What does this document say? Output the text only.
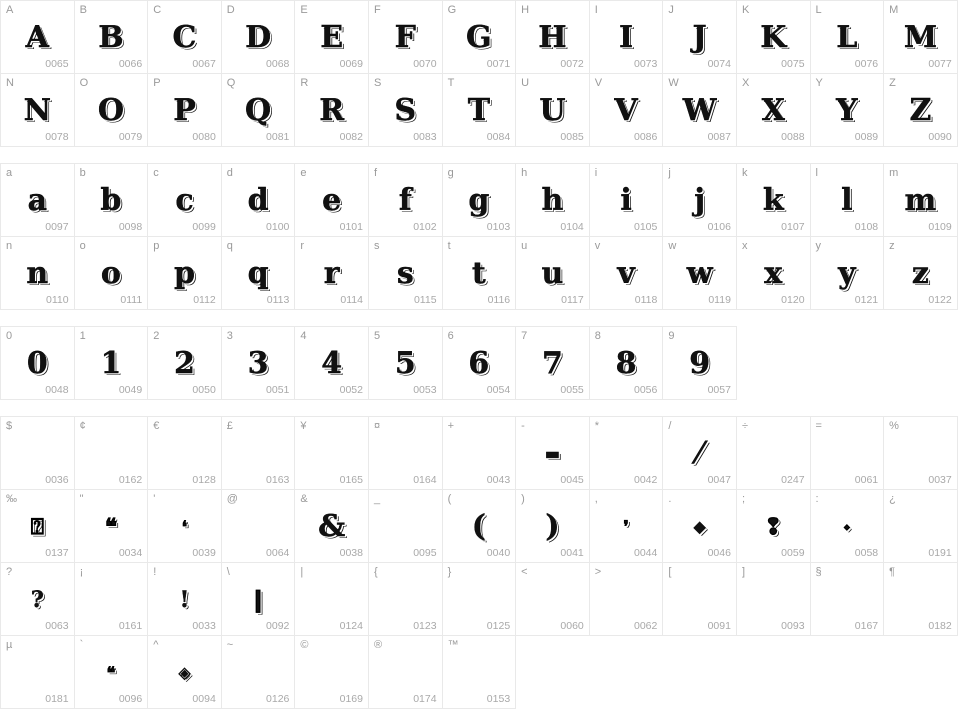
A
A
0065
B
B
0066
C
C
0067
D
D
0068
E
E
0069
F
F
0070
G
G
0071
H
H
0072
I
I
0073
J
J
0074
K
K
0075
L
L
0076
M
M
0077
N
N
0078
O
O
0079
P
P
0080
Q
Q
0081
R
R
0082
S
S
0083
T
T
0084
U
U
0085
V
V
0086
W
W
0087
X
X
0088
Y
Y
0089
Z
Z
0090
a
a
0097
b
b
0098
c
c
0099
d
d
0100
e
e
0101
f
f
0102
g
g
0103
h
h
0104
i
i
0105
j
j
0106
k
k
0107
l
l
0108
m
m
0109
n
n
0110
o
o
0111
p
p
0112
q
q
0113
r
r
0114
s
s
0115
t
t
0116
u
u
0117
v
v
0118
w
w
0119
x
x
0120
y
y
0121
z
z
0122
0
0
0048
1
1
0049
2
2
0050
3
3
0051
4
4
0052
5
5
0053
6
6
0054
7
7
0055
8
8
0056
9
9
0057
$
0036
¢
0162
€
0128
£
0163
¥
0165
¤
0164
+
0043
-
▬
0045
*
0042
/
⁄
0047
÷
0247
=
0061
%
0037
‰
⍰
0137
"
❝
0034
'
❛
0039
@
0064
&
&
0038
_
0095
(
(
0040
)
)
0041
,
❜
0044
.
◆
0046
;
❢
0059
:
⬩
0058
¿
0191
?
?
0063
¡
0161
!
!
0033
\
❙
0092
|
0124
{
0123
}
0125
<
0060
>
0062
[
0091
]
0093
§
0167
¶
0182
µ
0181
`
❝
0096
^
◈
0094
~
0126
©
0169
®
0174
™
0153
